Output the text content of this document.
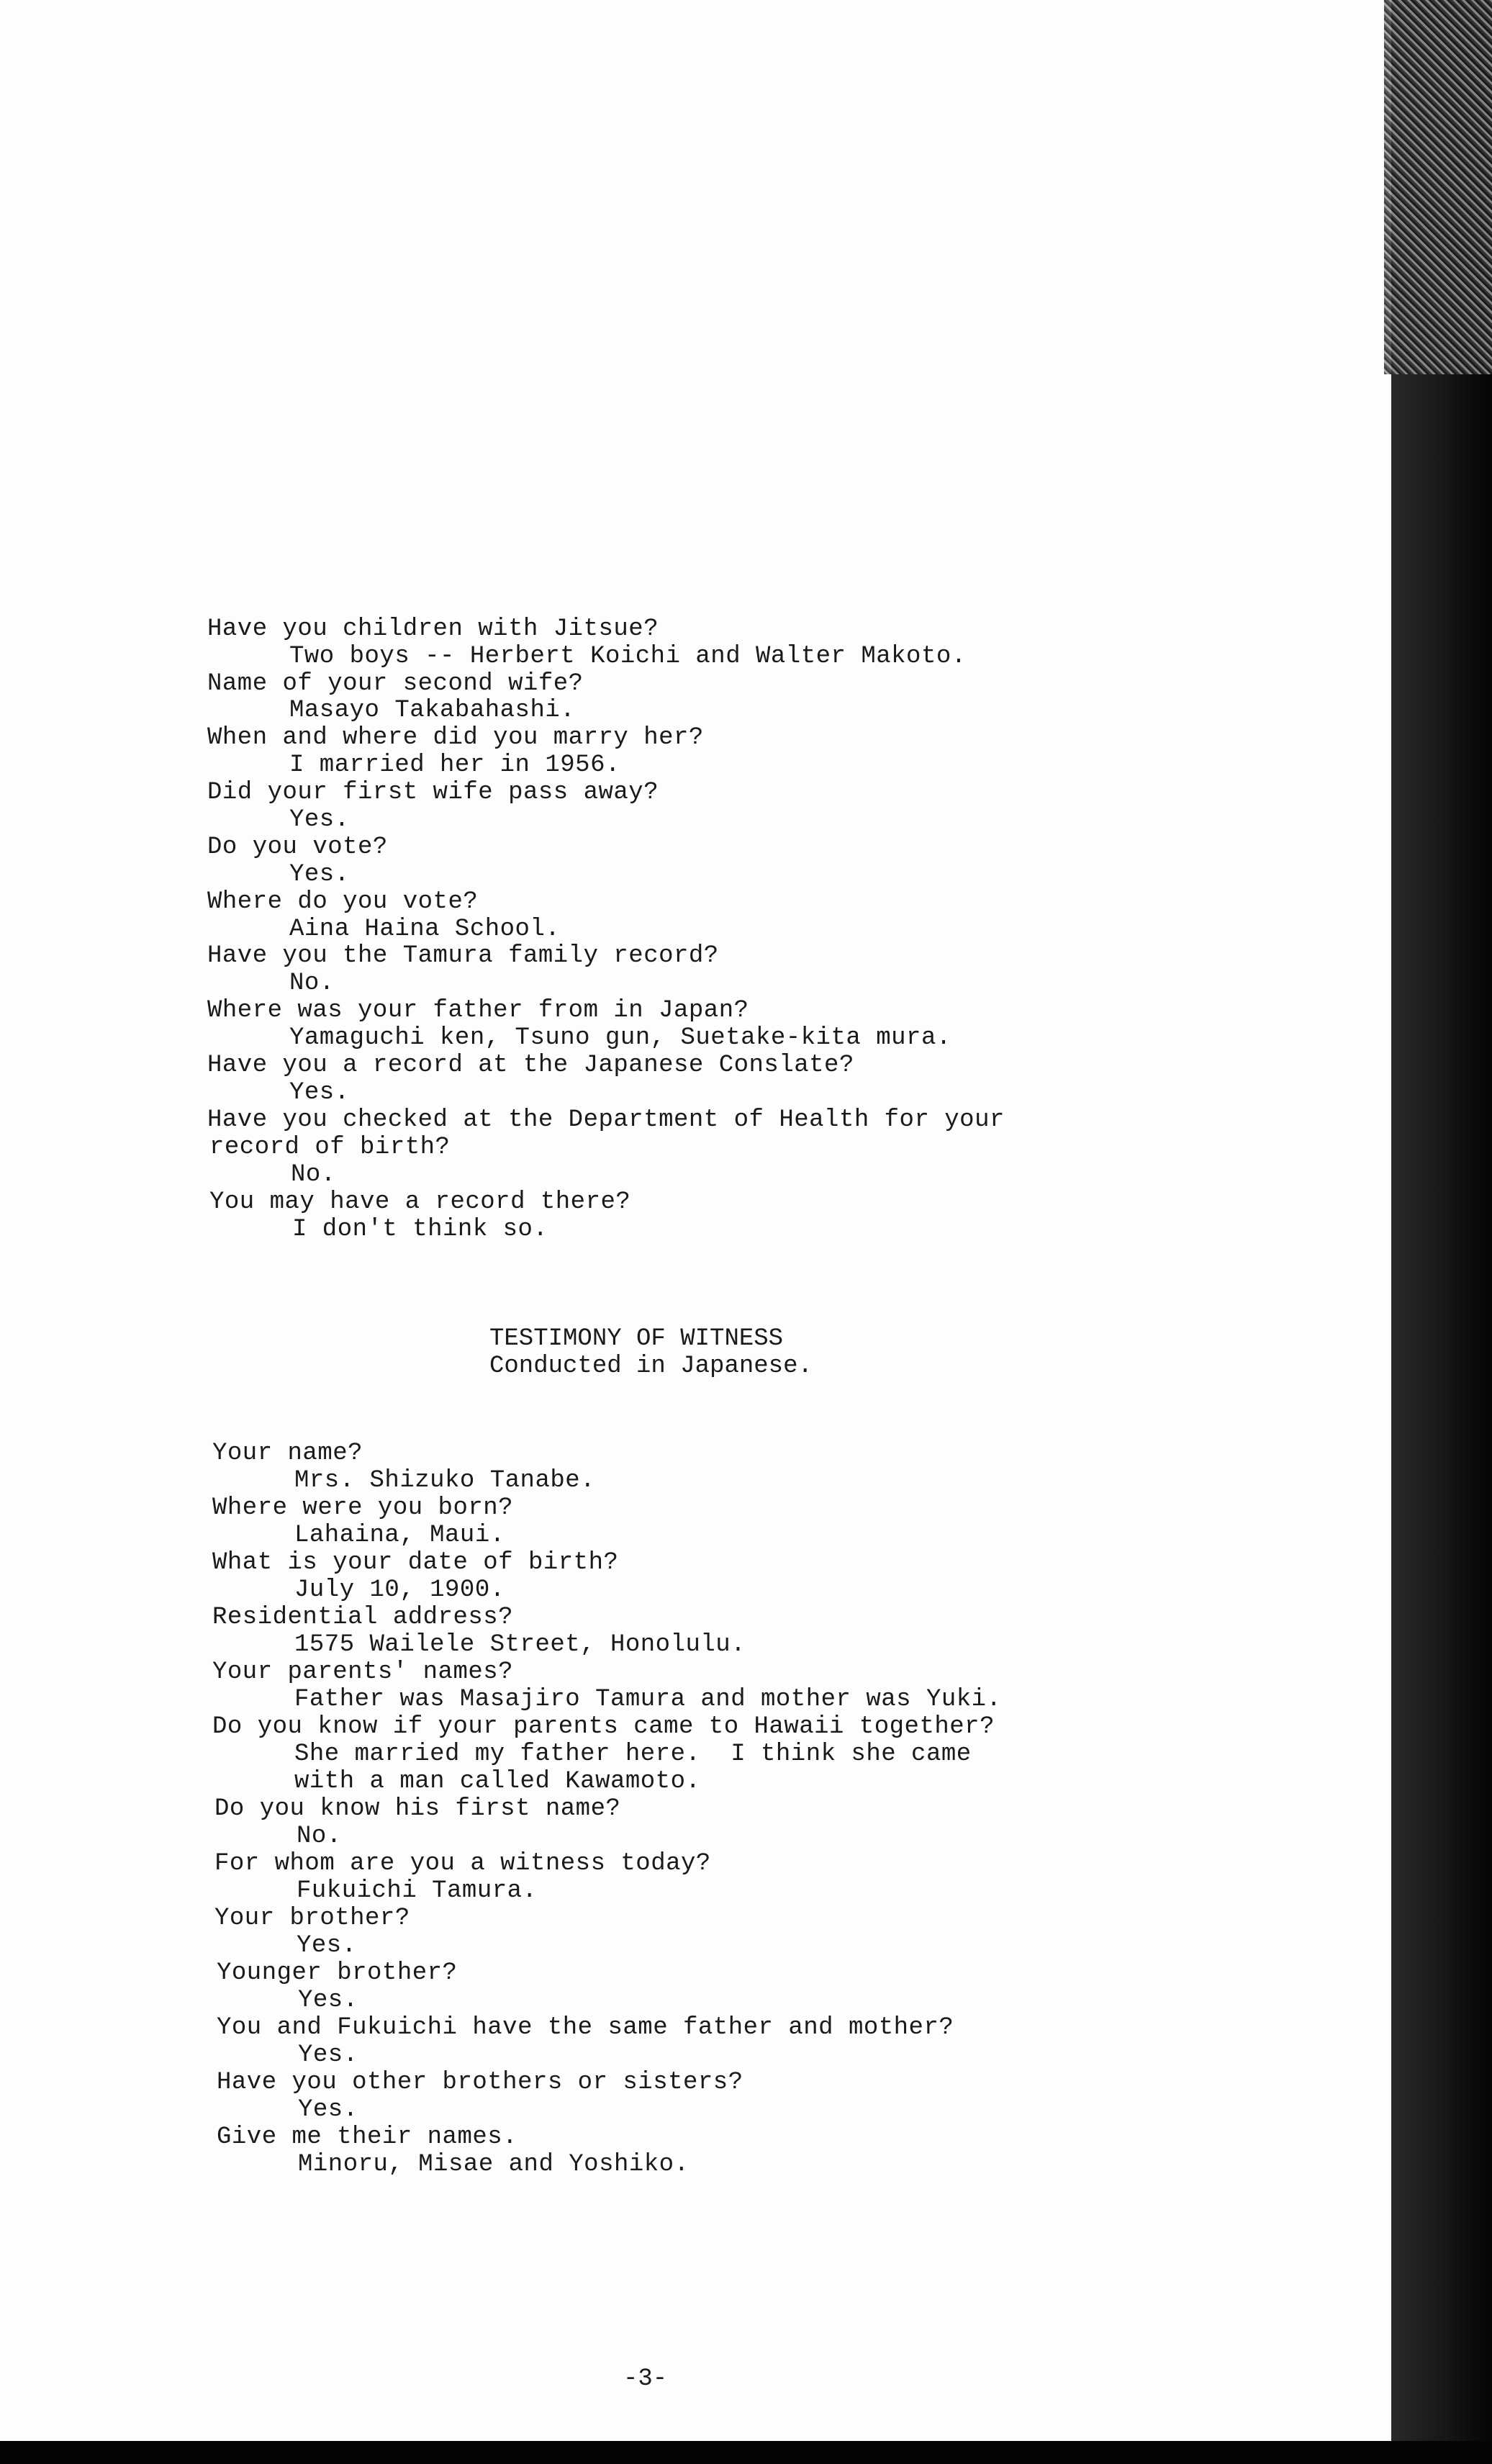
Have you children with Jitsue?

Two boys -- Herbert Koichi and Walter Makoto.

Name of your second wife?

Masayo Takabahashi.

When and where did you marry her?

I married her in 1956.

Did your first wife pass away?

Yes.

Do you vote?

Yes.

Where do you vote?

Aina Haina School.

Have you the Tamura family record?

No.

Where was your father from in Japan?

Yamaguchi ken, Tsuno gun, Suetake-kita mura.

Have you a record at the Japanese Conslate?

Yes.

Have you checked at the Department of Health for your

record of birth?

No.

You may have a record there?

I don't think so.

TESTIMONY OF WITNESS

Conducted in Japanese.

Your name?

Mrs. Shizuko Tanabe.

Where were you born?

Lahaina, Maui.

What is your date of birth?

July 10, 1900.

Residential address?

1575 Wailele Street, Honolulu.

Your parents' names?

Father was Masajiro Tamura and mother was Yuki.

Do you know if your parents came to Hawaii together?

She married my father here.  I think she came

with a man called Kawamoto.

Do you know his first name?

No.

For whom are you a witness today?

Fukuichi Tamura.

Your brother?

Yes.

Younger brother?

Yes.

You and Fukuichi have the same father and mother?

Yes.

Have you other brothers or sisters?

Yes.

Give me their names.

Minoru, Misae and Yoshiko.

-3-
